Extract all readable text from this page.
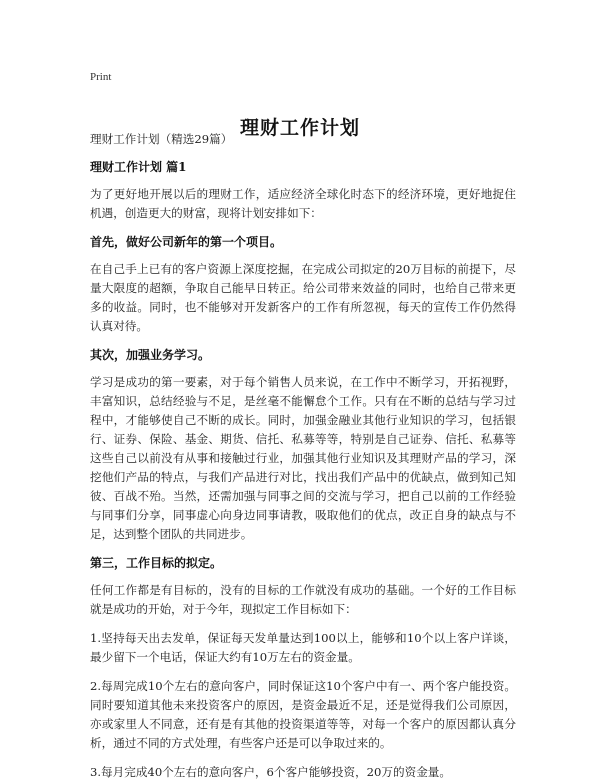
Print
理财工作计划

理财工作计划（精选29篇）

理财工作计划 篇1

为了更好地开展以后的理财工作，适应经济全球化时态下的经济环境，更好地捉住机遇，创造更大的财富，现将计划安排如下：

首先，做好公司新年的第一个项目。

在自己手上已有的客户资源上深度挖掘，在完成公司拟定的20万目标的前提下，尽量大限度的超额，争取自己能早日转正。给公司带来效益的同时，也给自己带来更多的收益。同时，也不能够对开发新客户的工作有所忽视，每天的宣传工作仍然得认真对待。

其次，加强业务学习。

学习是成功的第一要素，对于每个销售人员来说，在工作中不断学习，开拓视野，丰富知识，总结经验与不足，是丝毫不能懈怠个工作。只有在不断的总结与学习过程中，才能够使自己不断的成长。同时，加强金融业其他行业知识的学习，包括银行、证券、保险、基金、期货、信托、私募等等，特别是自己证券、信托、私募等这些自己以前没有从事和接触过行业，加强其他行业知识及其理财产品的学习，深挖他们产品的特点，与我们产品进行对比，找出我们产品中的优缺点，做到知己知彼、百战不殆。当然，还需加强与同事之间的交流与学习，把自己以前的工作经验与同事们分享，同事虚心向身边同事请教，吸取他们的优点，改正自身的缺点与不足，达到整个团队的共同进步。

第三，工作目标的拟定。

任何工作都是有目标的，没有的目标的工作就没有成功的基础。一个好的工作目标就是成功的开始，对于今年，现拟定工作目标如下：

1.坚持每天出去发单，保证每天发单量达到100以上，能够和10个以上客户详谈，最少留下一个电话，保证大约有10万左右的资金量。

2.每周完成10个左右的意向客户，同时保证这10个客户中有一、两个客户能投资。同时要知道其他未来投资客户的原因，是资金最近不足，还是觉得我们公司原因，亦或家里人不同意，还有是有其他的投资渠道等等，对每一个客户的原因都认真分析，通过不同的方式处理，有些客户还是可以争取过来的。

3.每月完成40个左右的意向客户，6个客户能够投资，20万的资金量。
